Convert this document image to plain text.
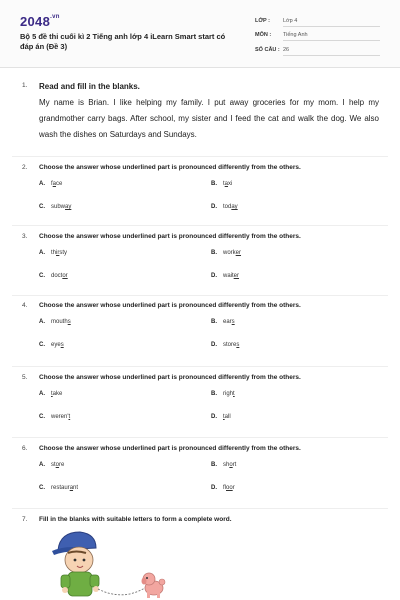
$2048^{.vn}$
Bộ 5 đề thi cuối kì 2 Tiếng anh lớp 4 iLearn Smart start có đáp án (Đề 3)
LỚP : Lớp 4
MÔN : Tiếng Anh
SỐ CÂU : 26
1. Read and fill in the blanks.
My name is Brian. I like helping my family. I put away groceries for my mom. I help my grandmother carry bags. After school, my sister and I feed the cat and walk the dog. We also wash the dishes on Saturdays and Sundays.
2. Choose the answer whose underlined part is pronounced differently from the others.
A. face	B. taxi
C. subway	D. today
3. Choose the answer whose underlined part is pronounced differently from the others.
A. thirsty	B. worker
C. doctor	D. waiter
4. Choose the answer whose underlined part is pronounced differently from the others.
A. mouths	B. ears
C. eyes	D. stores
5. Choose the answer whose underlined part is pronounced differently from the others.
A. take	B. right
C. weren't	D. tall
6. Choose the answer whose underlined part is pronounced differently from the others.
A. store	B. short
C. restaurant	D. floor
7. Fill in the blanks with suitable letters to form a complete word.
